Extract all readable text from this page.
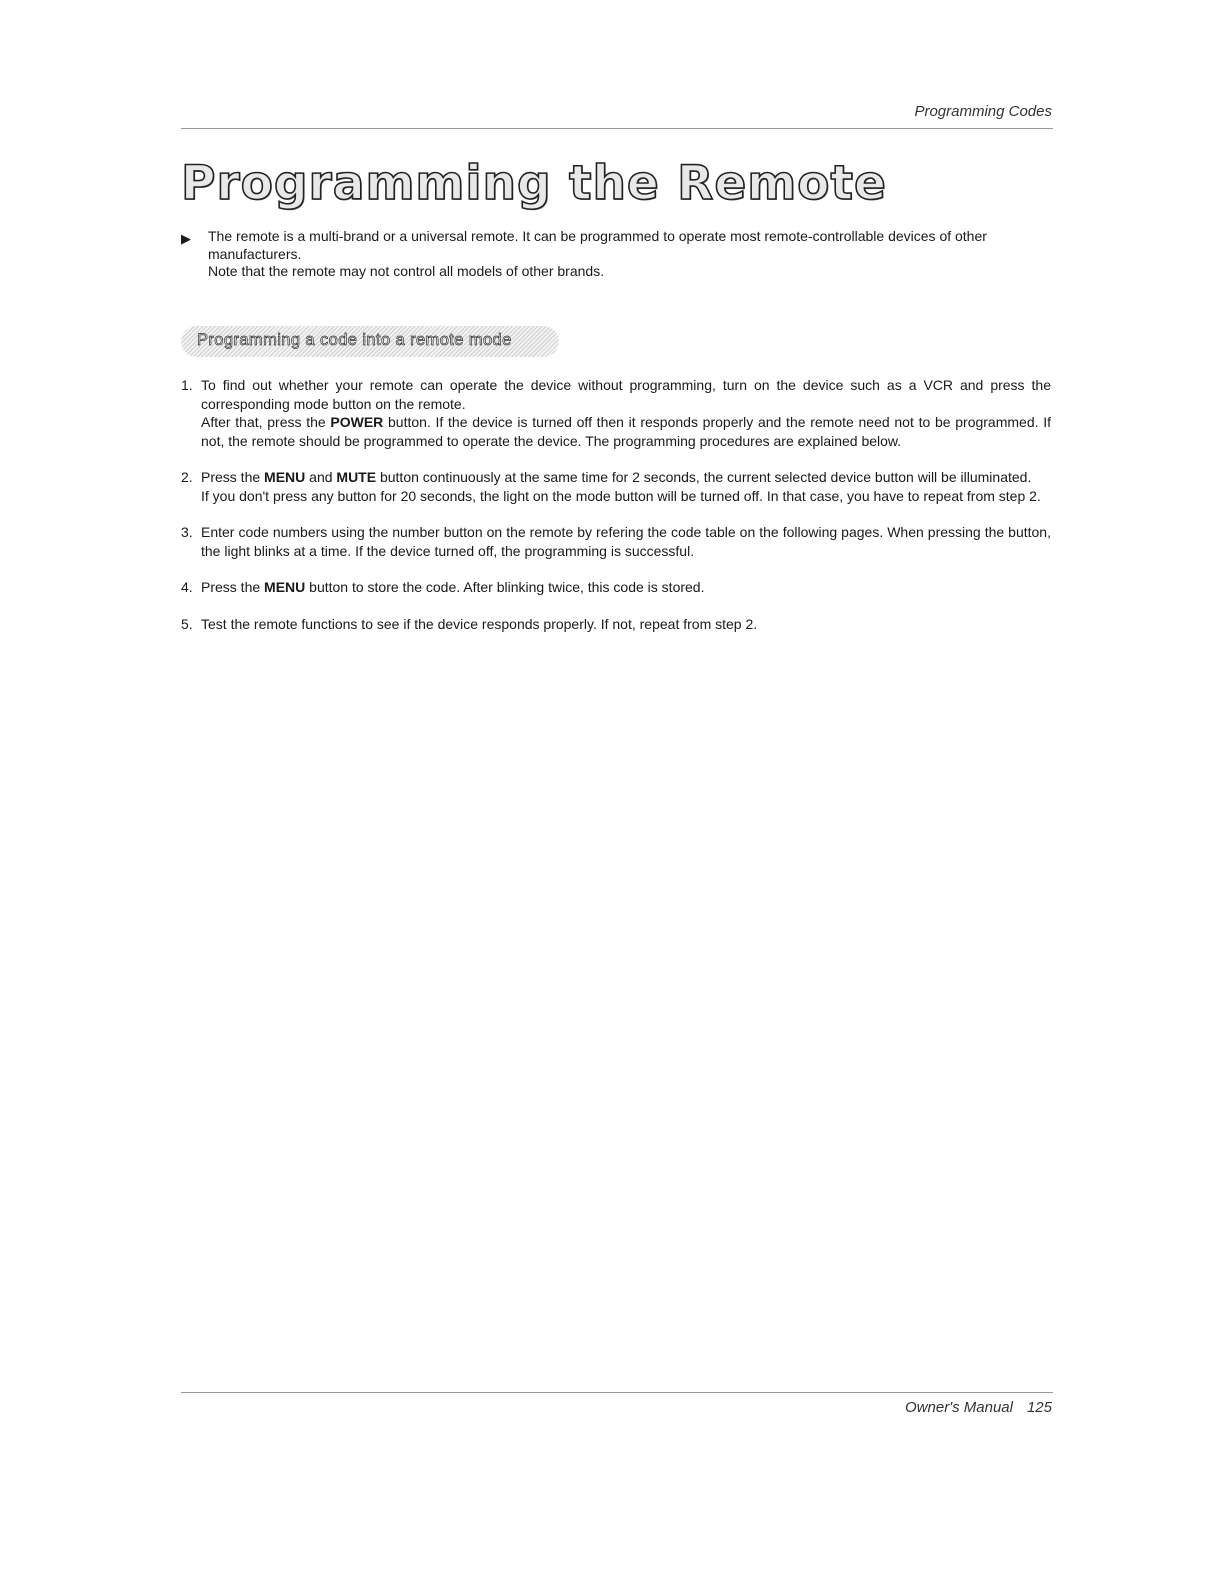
Programming Codes
Programming the Remote
▶ The remote is a multi-brand or a universal remote. It can be programmed to operate most remote-controllable devices of other manufacturers.
Note that the remote may not control all models of other brands.
Programming a code into a remote mode
1. To find out whether your remote can operate the device without programming, turn on the device such as a VCR and press the corresponding mode button on the remote.

After that, press the POWER button. If the device is turned off then it responds properly and the remote need not to be programmed. If not, the remote should be programmed to operate the device. The programming procedures are explained below.

2. Press the MENU and MUTE button continuously at the same time for 2 seconds, the current selected device button will be illuminated.

If you don't press any button for 20 seconds, the light on the mode button will be turned off. In that case, you have to repeat from step 2.

3. Enter code numbers using the number button on the remote by refering the code table on the following pages. When pressing the button, the light blinks at a time. If the device turned off, the programming is successful.

4. Press the MENU button to store the code. After blinking twice, this code is stored.

5. Test the remote functions to see if the device responds properly. If not, repeat from step 2.

Owner's Manual 125
